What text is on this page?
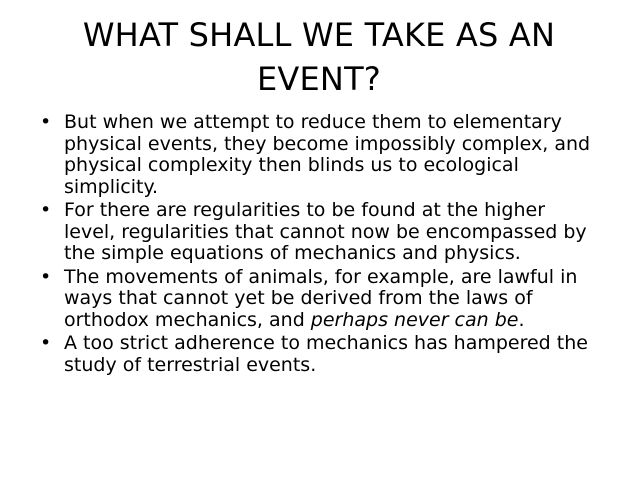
WHAT SHALL WE TAKE AS AN
EVENT?
• But when we attempt to reduce them to elementary physical events, they become impossibly complex, and physical complexity then blinds us to ecological simplicity.
• For there are regularities to be found at the higher level, regularities that cannot now be encompassed by the simple equations of mechanics and physics.
• The movements of animals, for example, are lawful in ways that cannot yet be derived from the laws of orthodox mechanics, and perhaps never can be.
• A too strict adherence to mechanics has hampered the study of terrestrial events.
